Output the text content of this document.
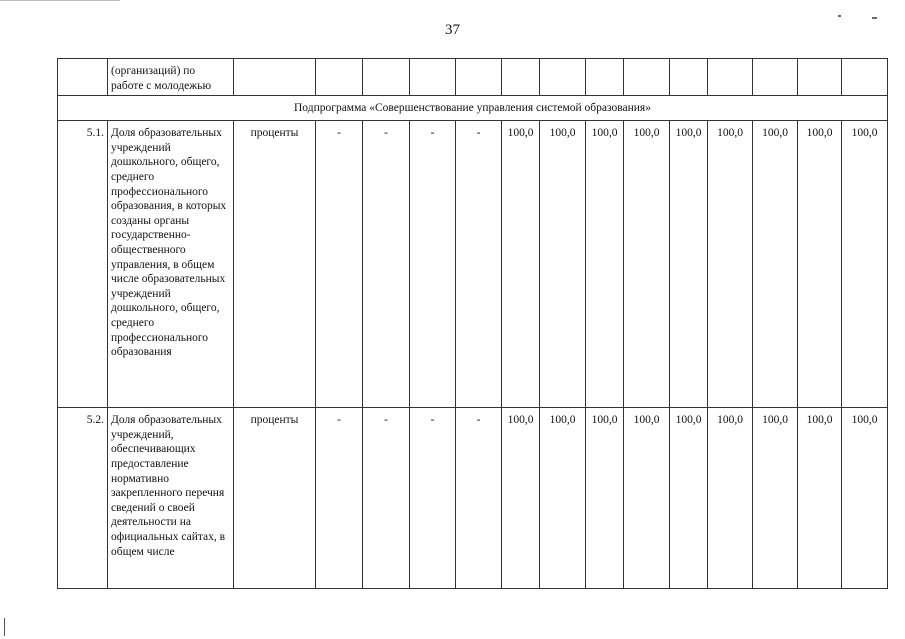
37
	(организаций) по работе с молодежью														
Подпрограмма «Совершенствование управления системой образования»															
5.1.	Доля образовательных учреждений дошкольного, общего, среднего профессионального образования, в которых созданы органы государственно-общественного управления, в общем числе образовательных учреждений дошкольного, общего, среднего профессионального образования	проценты	-	-	-	-	100,0	100,0	100,0	100,0	100,0	100,0	100,0	100,0	100,0
5.2.	Доля образовательных учреждений, обеспечивающих предоставление нормативно закрепленного перечня сведений о своей деятельности на официальных сайтах, в общем числе	проценты	-	-	-	-	100,0	100,0	100,0	100,0	100,0	100,0	100,0	100,0	100,0
